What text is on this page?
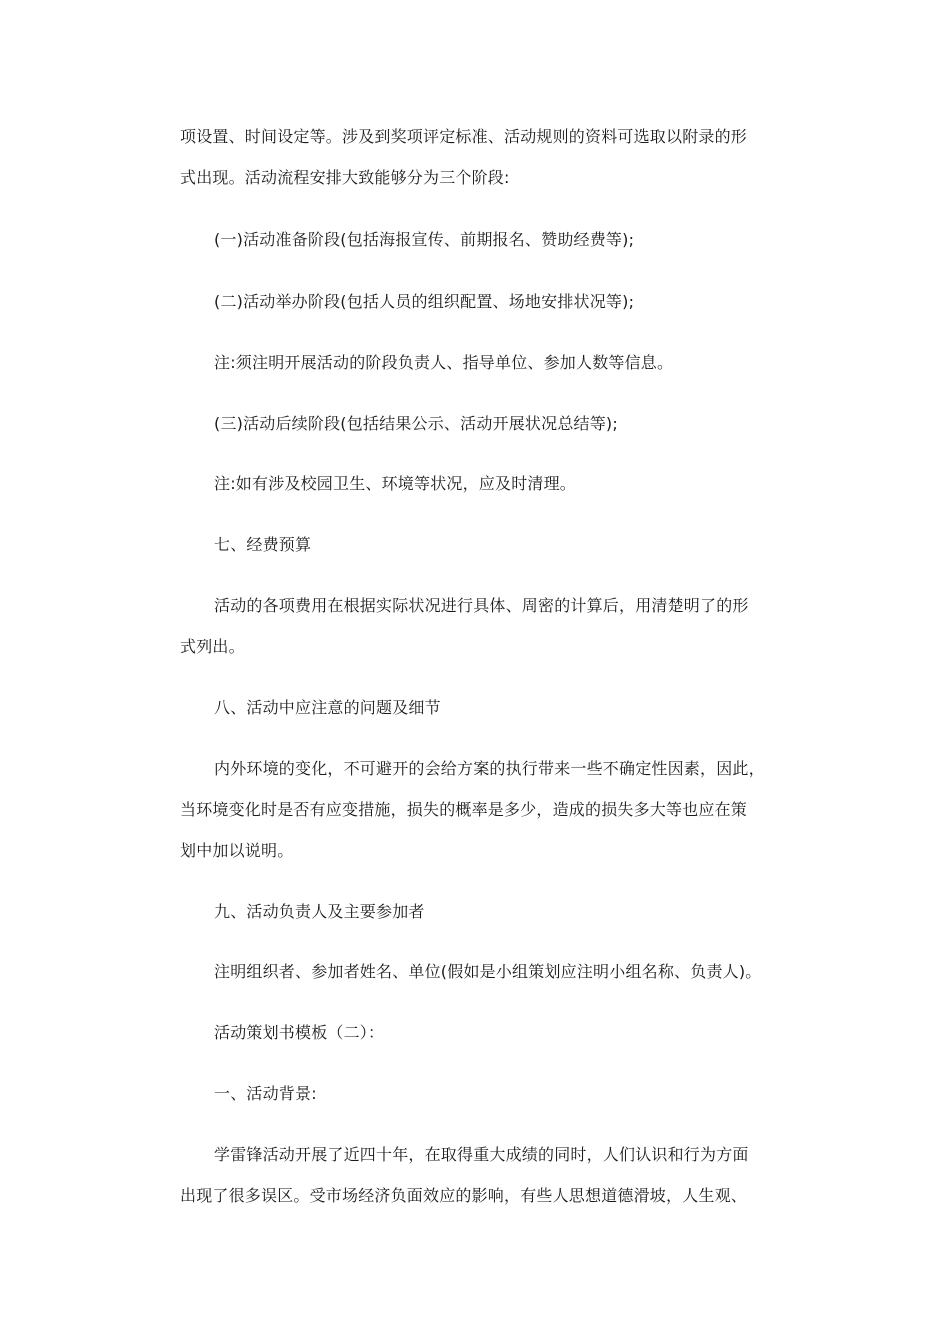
项设置、时间设定等。涉及到奖项评定标准、活动规则的资料可选取以附录的形
式出现。活动流程安排大致能够分为三个阶段:
(一)活动准备阶段(包括海报宣传、前期报名、赞助经费等);
(二)活动举办阶段(包括人员的组织配置、场地安排状况等);
注:须注明开展活动的阶段负责人、指导单位、参加人数等信息。
(三)活动后续阶段(包括结果公示、活动开展状况总结等);
注:如有涉及校园卫生、环境等状况，应及时清理。
七、经费预算
活动的各项费用在根据实际状况进行具体、周密的计算后，用清楚明了的形
式列出。
八、活动中应注意的问题及细节
内外环境的变化，不可避开的会给方案的执行带来一些不确定性因素，因此，
当环境变化时是否有应变措施，损失的概率是多少，造成的损失多大等也应在策
划中加以说明。
九、活动负责人及主要参加者
注明组织者、参加者姓名、单位(假如是小组策划应注明小组名称、负责人)。
活动策划书模板（二）：
一、活动背景:
学雷锋活动开展了近四十年，在取得重大成绩的同时，人们认识和行为方面
出现了很多误区。受市场经济负面效应的影响，有些人思想道德滑坡，人生观、
